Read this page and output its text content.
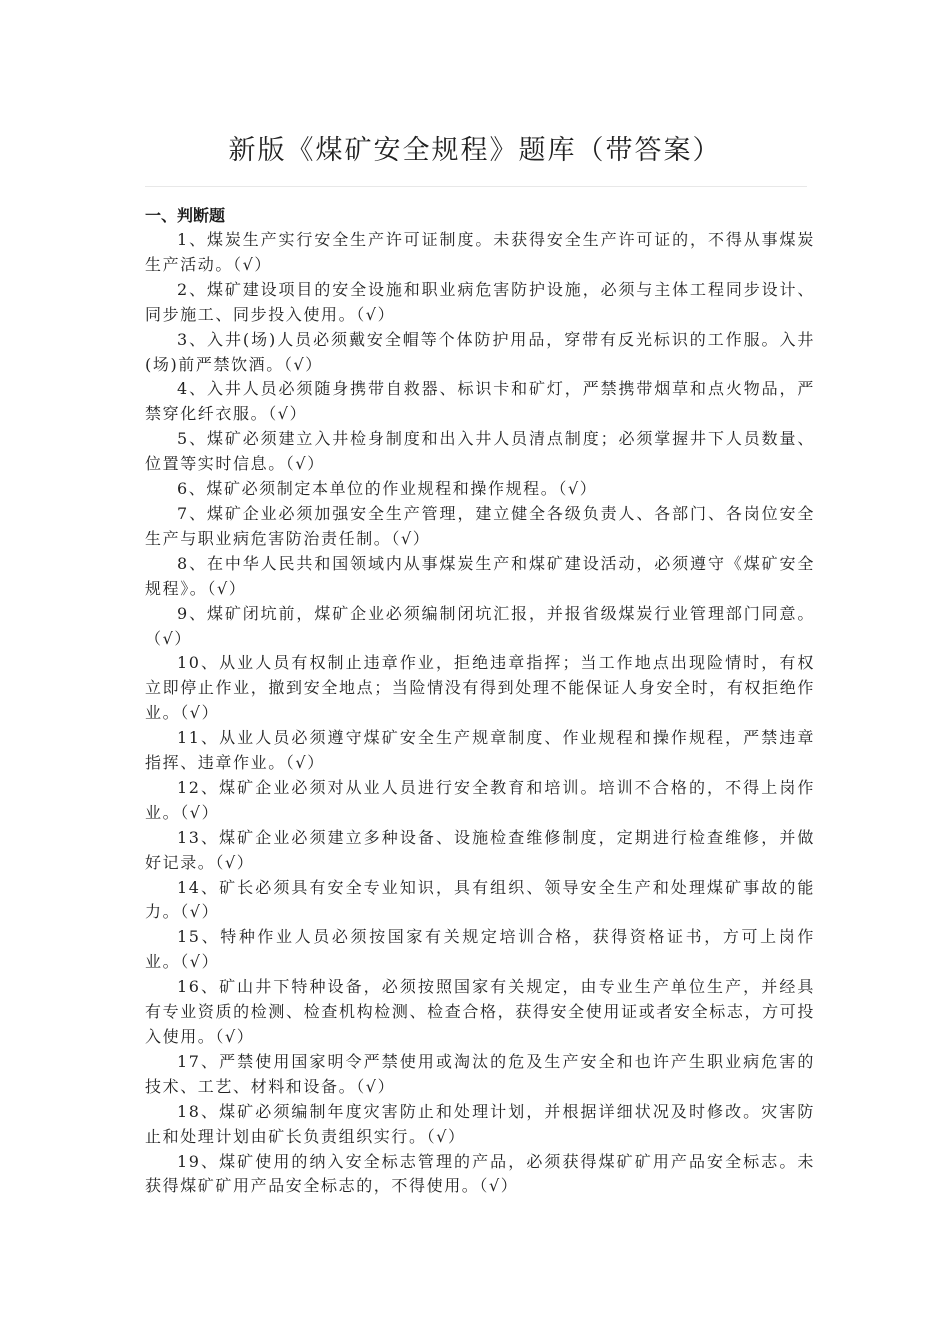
新版《煤矿安全规程》题库（带答案）

一、判断题

1、煤炭生产实行安全生产许可证制度。未获得安全生产许可证的，不得从事煤炭生产活动。（√）

2、煤矿建设项目的安全设施和职业病危害防护设施，必须与主体工程同步设计、同步施工、同步投入使用。（√）

3、入井(场)人员必须戴安全帽等个体防护用品，穿带有反光标识的工作服。入井(场)前严禁饮酒。（√）

4、入井人员必须随身携带自救器、标识卡和矿灯，严禁携带烟草和点火物品，严禁穿化纤衣服。（√）

5、煤矿必须建立入井检身制度和出入井人员清点制度；必须掌握井下人员数量、位置等实时信息。（√）

6、煤矿必须制定本单位的作业规程和操作规程。（√）

7、煤矿企业必须加强安全生产管理，建立健全各级负责人、各部门、各岗位安全生产与职业病危害防治责任制。（√）

8、在中华人民共和国领域内从事煤炭生产和煤矿建设活动，必须遵守《煤矿安全规程》。（√）

9、煤矿闭坑前，煤矿企业必须编制闭坑汇报，并报省级煤炭行业管理部门同意。（√）

10、从业人员有权制止违章作业，拒绝违章指挥；当工作地点出现险情时，有权立即停止作业，撤到安全地点；当险情没有得到处理不能保证人身安全时，有权拒绝作业。（√）

11、从业人员必须遵守煤矿安全生产规章制度、作业规程和操作规程，严禁违章指挥、违章作业。（√）

12、煤矿企业必须对从业人员进行安全教育和培训。培训不合格的，不得上岗作业。（√）

13、煤矿企业必须建立多种设备、设施检查维修制度，定期进行检查维修，并做好记录。（√）

14、矿长必须具有安全专业知识，具有组织、领导安全生产和处理煤矿事故的能力。（√）

15、特种作业人员必须按国家有关规定培训合格，获得资格证书，方可上岗作业。（√）

16、矿山井下特种设备，必须按照国家有关规定，由专业生产单位生产，并经具有专业资质的检测、检查机构检测、检查合格，获得安全使用证或者安全标志，方可投入使用。（√）

17、严禁使用国家明令严禁使用或淘汰的危及生产安全和也许产生职业病危害的技术、工艺、材料和设备。（√）

18、煤矿必须编制年度灾害防止和处理计划，并根据详细状况及时修改。灾害防止和处理计划由矿长负责组织实行。（√）

19、煤矿使用的纳入安全标志管理的产品，必须获得煤矿矿用产品安全标志。未获得煤矿矿用产品安全标志的，不得使用。（√）
